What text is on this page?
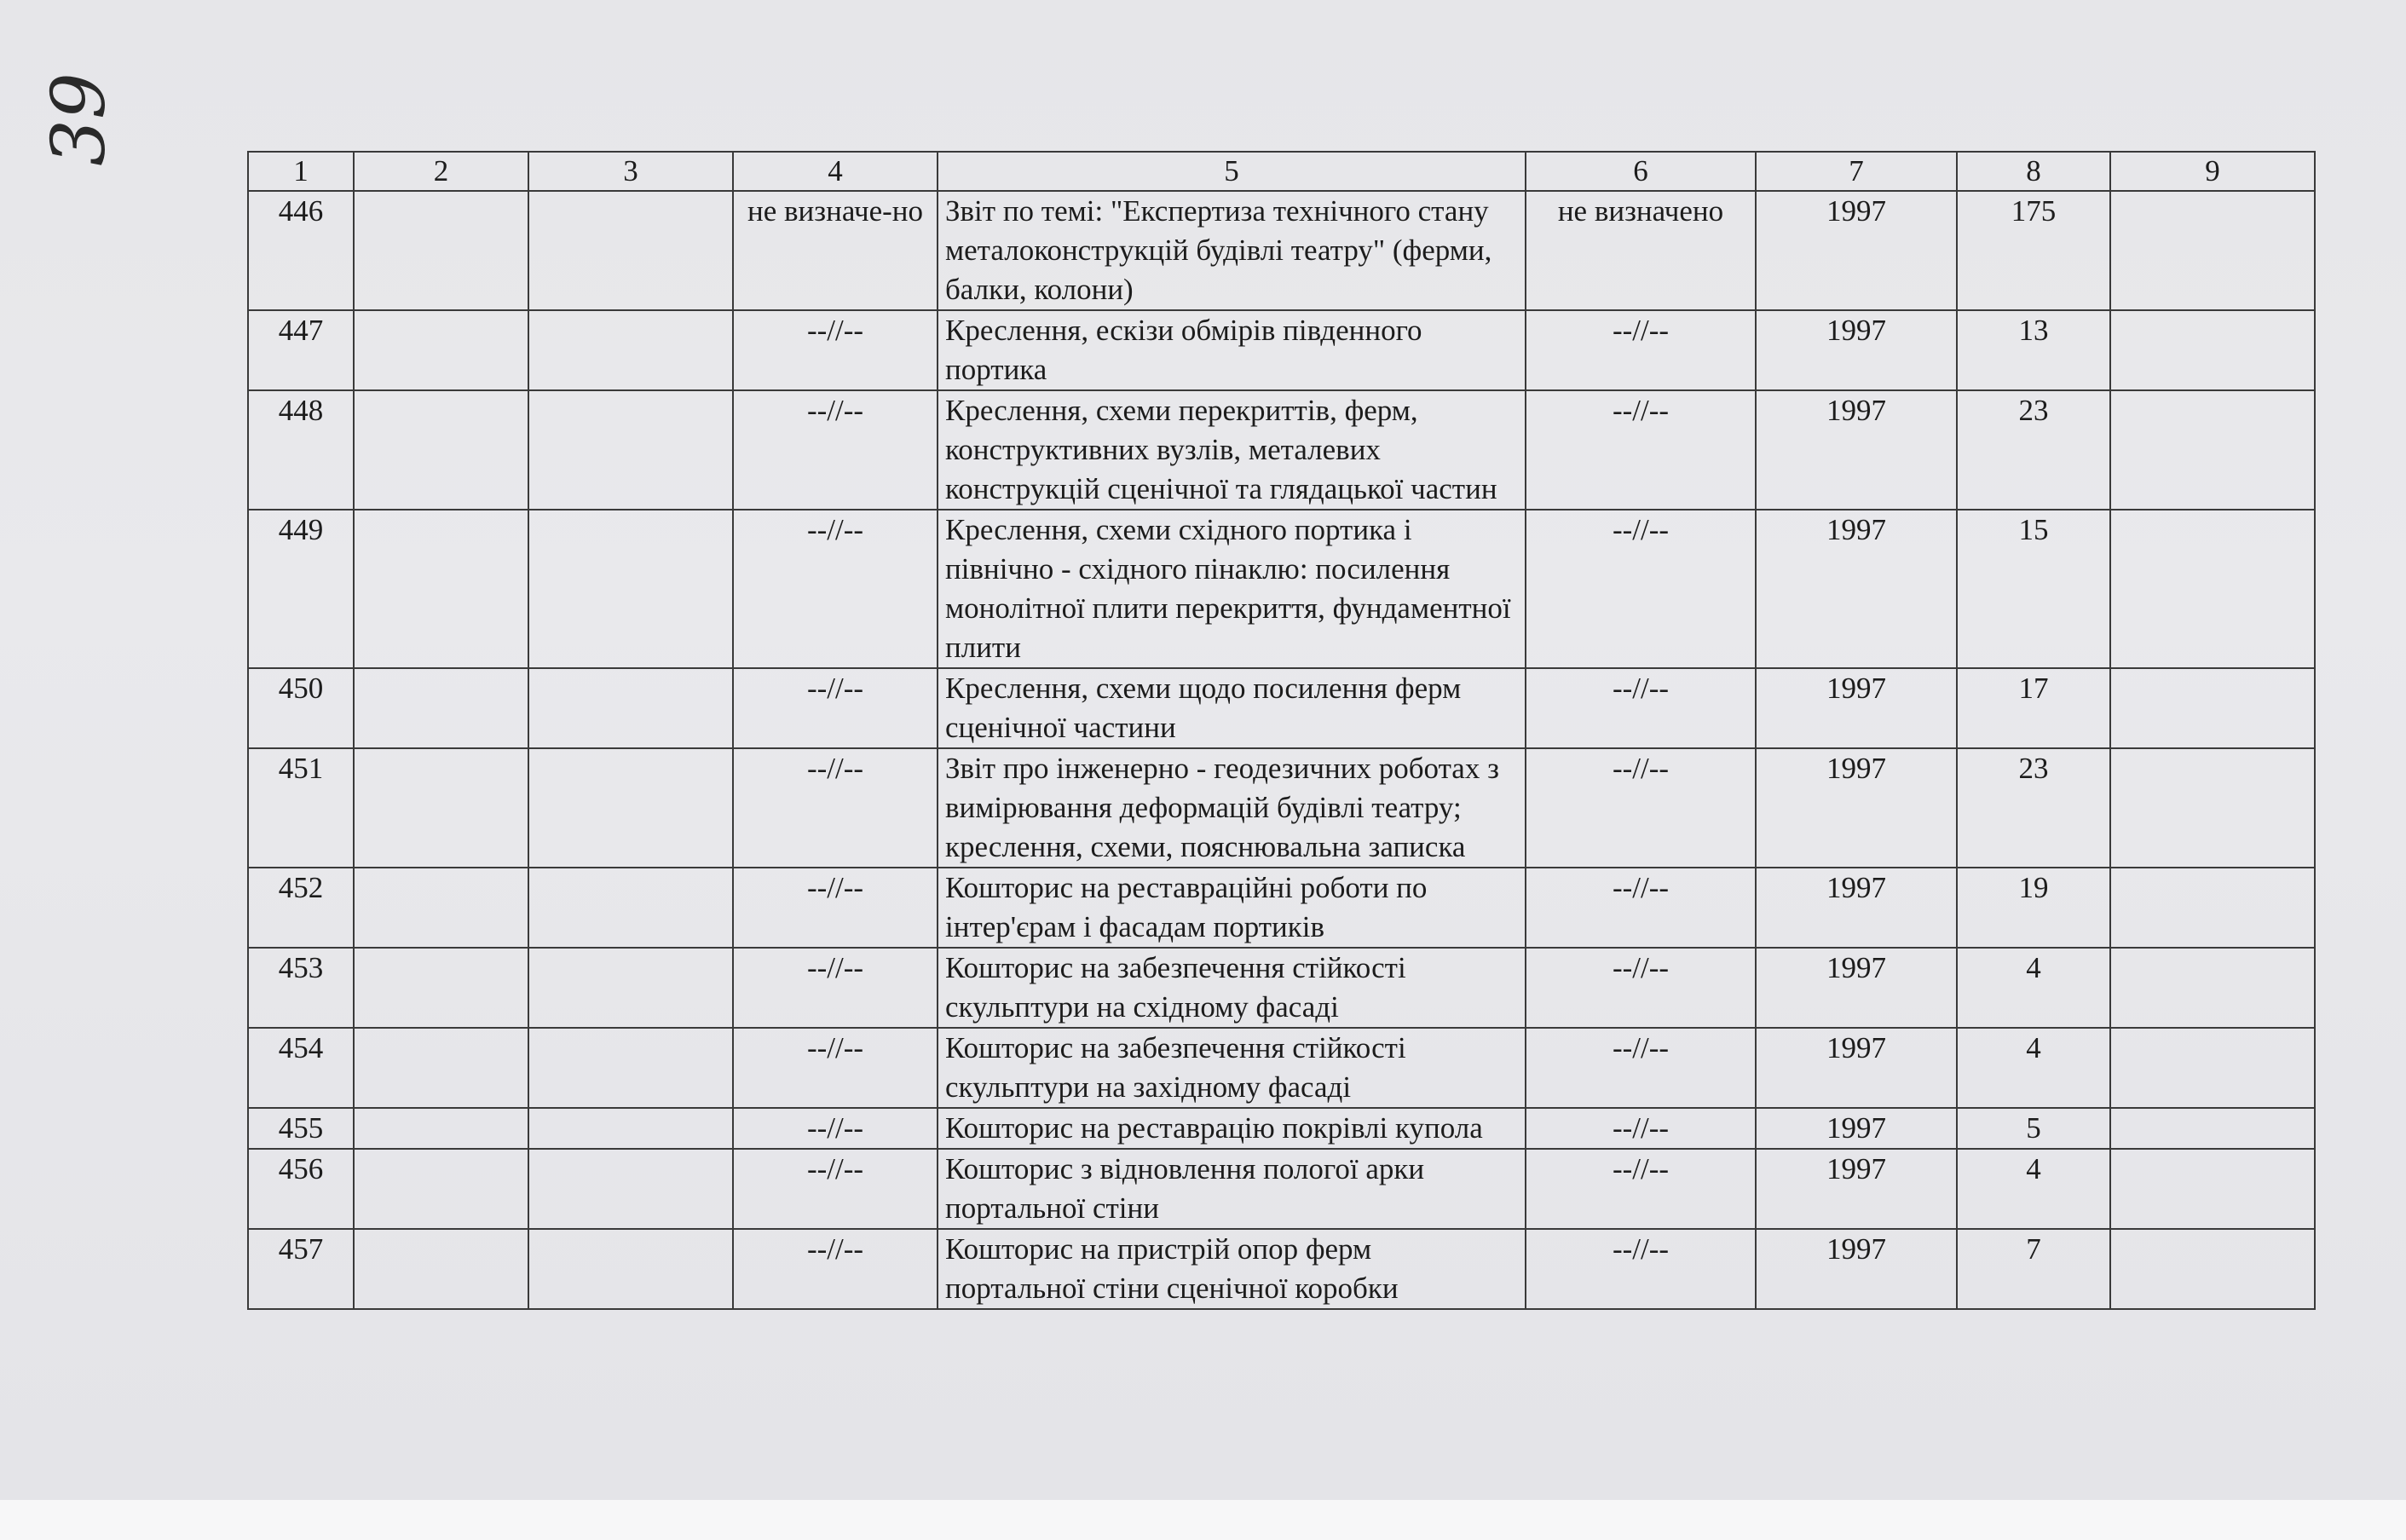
39
1	2	3	4	5	6	7	8	9
446			не визначе-но	Звіт по темі: "Експертиза технічного стану металоконструкцій будівлі театру" (ферми, балки, колони)	не визначено	1997	175	
447			--//--	Креслення, ескізи обмірів південного портика	--//--	1997	13	
448			--//--	Креслення, схеми перекриттів, ферм, конструктивних вузлів, металевих конструкцій сценічної та глядацької частин	--//--	1997	23	
449			--//--	Креслення, схеми східного портика і північно - східного пінаклю: посилення монолітної плити перекриття, фундаментної плити	--//--	1997	15	
450			--//--	Креслення, схеми щодо посилення ферм сценічної частини	--//--	1997	17	
451			--//--	Звіт про інженерно - геодезичних роботах з вимірювання деформацій будівлі театру; креслення, схеми, пояснювальна записка	--//--	1997	23	
452			--//--	Кошторис на реставраційні роботи по інтер'єрам і фасадам портиків	--//--	1997	19	
453			--//--	Кошторис на забезпечення стійкості скульптури на східному фасаді	--//--	1997	4	
454			--//--	Кошторис на забезпечення стійкості скульптури на західному фасаді	--//--	1997	4	
455			--//--	Кошторис на реставрацію покрівлі купола	--//--	1997	5	
456			--//--	Кошторис з відновлення пологої арки портальної стіни	--//--	1997	4	
457			--//--	Кошторис на пристрій опор ферм портальної стіни сценічної коробки	--//--	1997	7	
